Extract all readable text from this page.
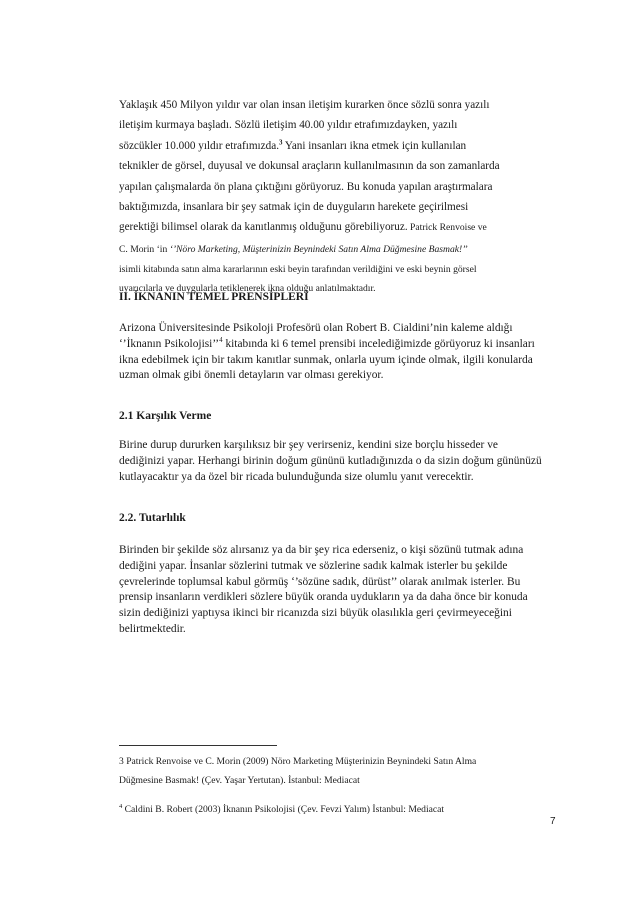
Yaklaşık 450 Milyon yıldır var olan insan iletişim kurarken önce sözlü sonra yazılı
iletişim kurmaya başladı. Sözlü iletişim 40.00 yıldır etrafımızdayken, yazılı
sözcükler 10.000 yıldır etrafımızda.$^3$ Yani insanları ikna etmek için kullanılan
teknikler de görsel, duyusal ve dokunsal araçların kullanılmasının da son zamanlarda
yapılan çalışmalarda ön plana çıktığını görüyoruz. Bu konuda yapılan araştırmalara
baktığımızda, insanlara bir şey satmak için de duyguların harekete geçirilmesi
gerektiği bilimsel olarak da kanıtlanmış olduğunu görebiliyoruz. Patrick Renvoise ve
C. Morin ‘in ‘’Nöro Marketing, Müşterinizin Beynindeki Satın Alma Düğmesine Basmak!’’
isimli kitabında satın alma kararlarının eski beyin tarafından verildiğini ve eski beynin görsel
uyarıcılarla ve duygularla tetiklenerek ikna olduğu anlatılmaktadır.
II. İKNANIN TEMEL PRENSİPLERİ
Arizona Üniversitesinde Psikoloji Profesörü olan Robert B. Cialdini’nin kaleme aldığı ‘’İknanın Psikolojisi’’$^4$ kitabında ki 6 temel prensibi incelediğimizde görüyoruz ki insanları ikna edebilmek için bir takım kanıtlar sunmak, onlarla uyum içinde olmak, ilgili konularda uzman olmak gibi önemli detayların var olması gerekiyor.
2.1 Karşılık Verme
Birine durup dururken karşılıksız bir şey verirseniz, kendini size borçlu hisseder ve dediğinizi yapar. Herhangi birinin doğum gününü kutladığınızda o da sizin doğum gününüzü kutlayacaktır ya da özel bir ricada bulunduğunda size olumlu yanıt verecektir.
2.2. Tutarlılık
Birinden bir şekilde söz alırsanız ya da bir şey rica ederseniz, o kişi sözünü tutmak adına dediğini yapar. İnsanlar sözlerini tutmak ve sözlerine sadık kalmak isterler bu şekilde çevrelerinde toplumsal kabul görmüş ‘’sözüne sadık, dürüst’’ olarak anılmak isterler. Bu prensip insanların verdikleri sözlere büyük oranda uydukların ya da daha önce bir konuda sizin dediğinizi yaptıysa ikinci bir ricanızda sizi büyük olasılıkla geri çevirmeyeceğini belirtmektedir.
3 Patrick Renvoise ve C. Morin (2009) Nöro Marketing Müşterinizin Beynindeki Satın Alma
Düğmesine Basmak! (Çev. Yaşar Yertutan). İstanbul: Mediacat
$^4$ Caldini B. Robert (2003) İknanın Psikolojisi (Çev. Fevzi Yalım) İstanbul: Mediacat
7
